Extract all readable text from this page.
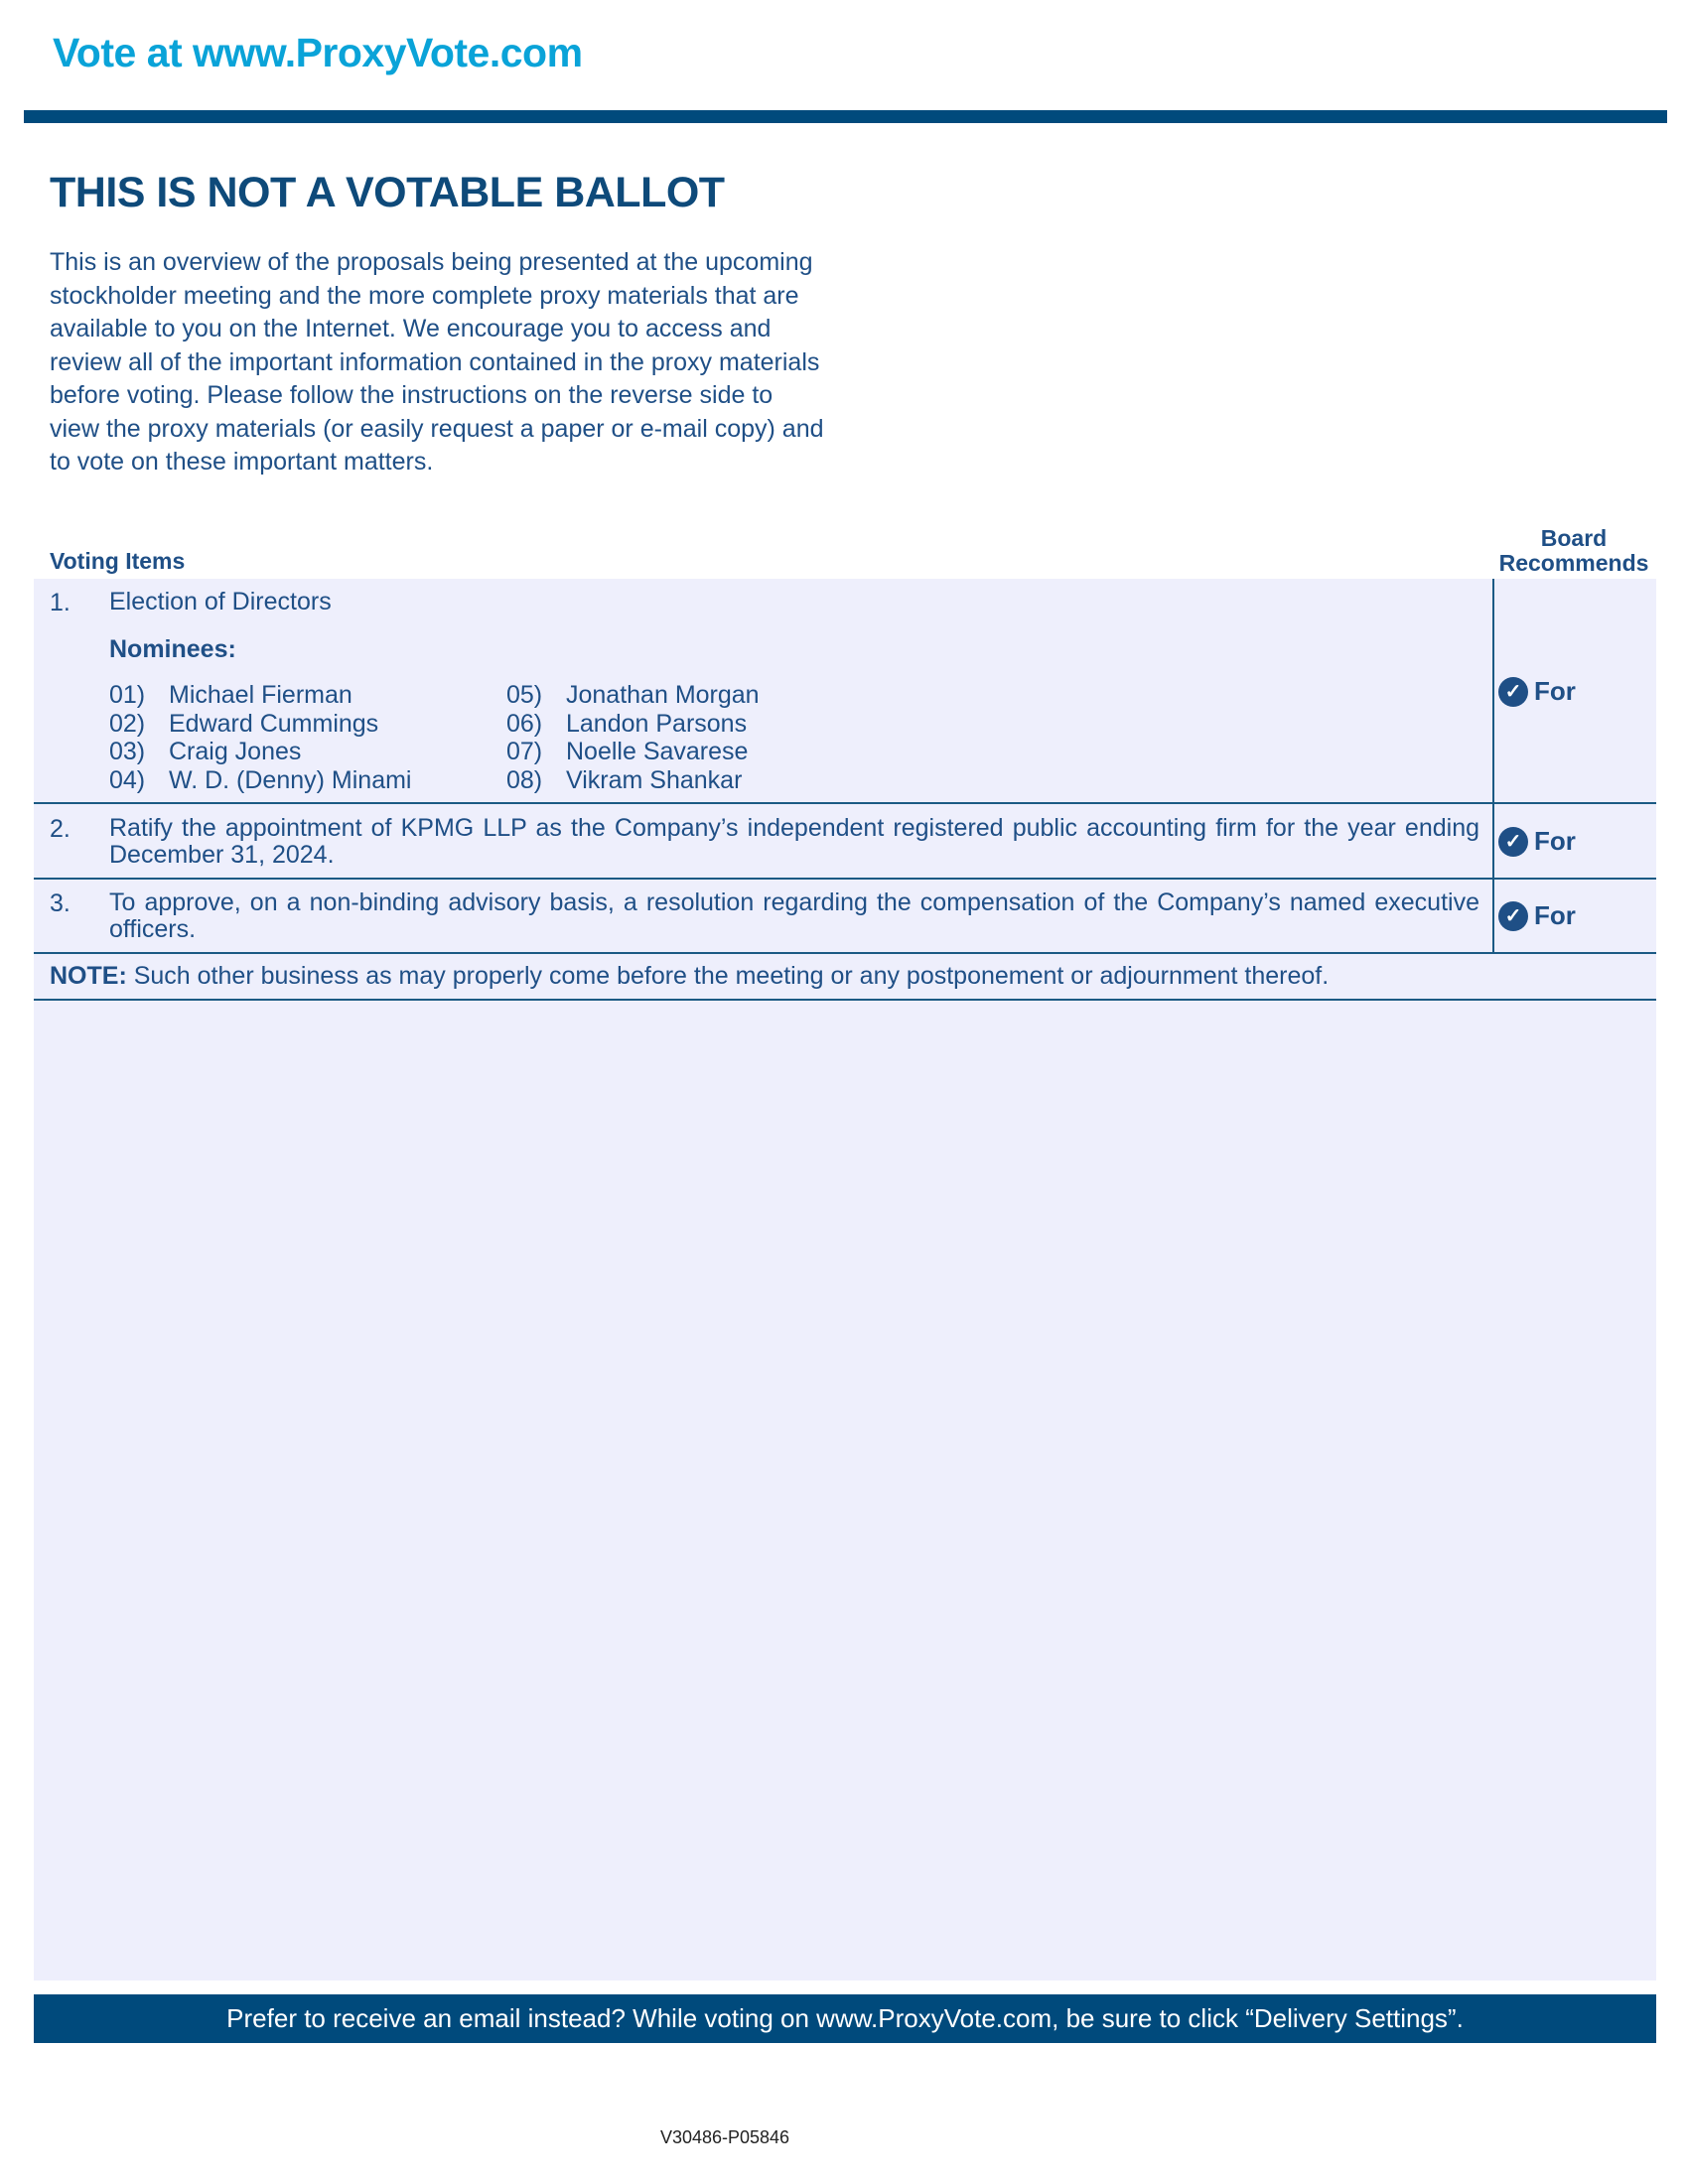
Vote at www.ProxyVote.com
THIS IS NOT A VOTABLE BALLOT
This is an overview of the proposals being presented at the upcoming stockholder meeting and the more complete proxy materials that are available to you on the Internet. We encourage you to access and review all of the important information contained in the proxy materials before voting. Please follow the instructions on the reverse side to view the proxy materials (or easily request a paper or e-mail copy) and to vote on these important matters.
Voting Items
Board
Recommends
1. Election of Directors
Nominees:
01) Michael Fierman
02) Edward Cummings
03) Craig Jones
04) W. D. (Denny) Minami
05) Jonathan Morgan
06) Landon Parsons
07) Noelle Savarese
08) Vikram Shankar
✓ For
2. Ratify the appointment of KPMG LLP as the Company’s independent registered public accounting firm for the year ending December 31, 2024.	✓ For
3. To approve, on a non-binding advisory basis, a resolution regarding the compensation of the Company’s named executive officers.	✓ For
NOTE: Such other business as may properly come before the meeting or any postponement or adjournment thereof.
Prefer to receive an email instead? While voting on www.ProxyVote.com, be sure to click “Delivery Settings”.
V30486-P05846
